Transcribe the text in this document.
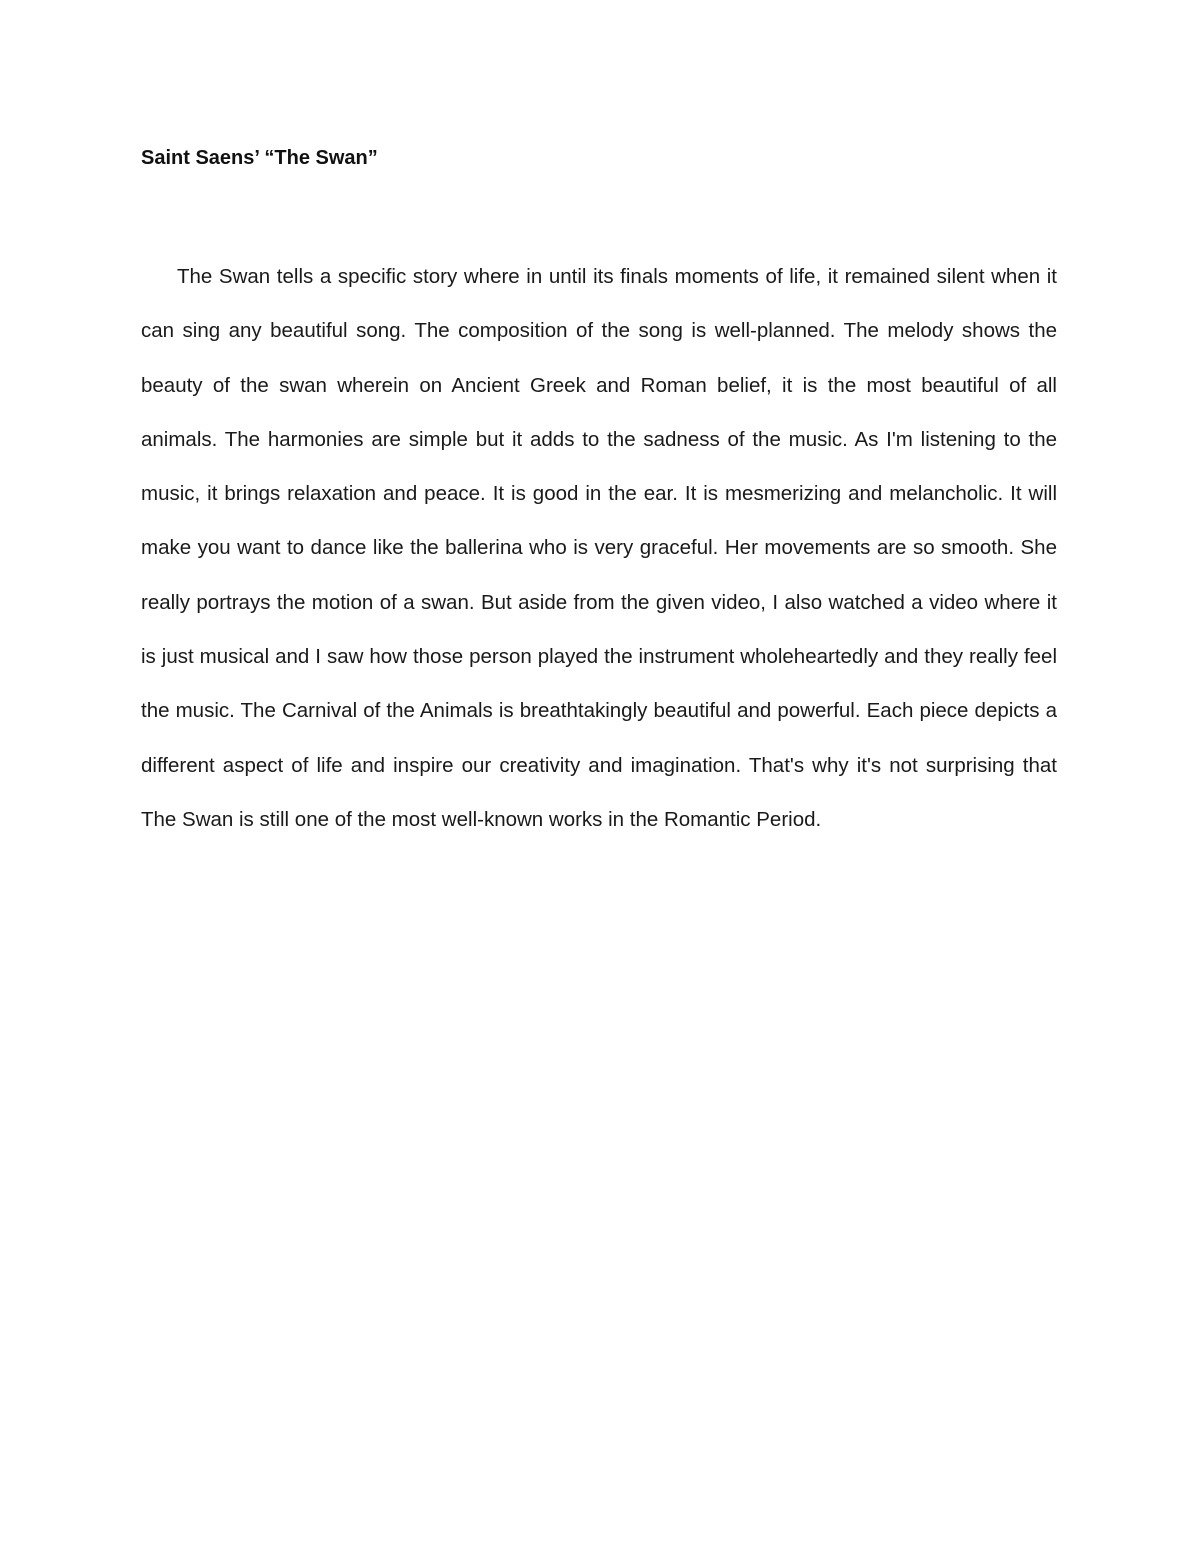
Saint Saens’ “The Swan”

The Swan tells a specific story where in until its finals moments of life, it remained silent when it can sing any beautiful song. The composition of the song is well-planned. The melody shows the beauty of the swan wherein on Ancient Greek and Roman belief, it is the most beautiful of all animals. The harmonies are simple but it adds to the sadness of the music. As I'm listening to the music, it brings relaxation and peace. It is good in the ear. It is mesmerizing and melancholic. It will make you want to dance like the ballerina who is very graceful. Her movements are so smooth. She really portrays the motion of a swan. But aside from the given video, I also watched a video where it is just musical and I saw how those person played the instrument wholeheartedly and they really feel the music. The Carnival of the Animals is breathtakingly beautiful and powerful. Each piece depicts a different aspect of life and inspire our creativity and imagination. That's why it's not surprising that The Swan is still one of the most well-known works in the Romantic Period.
